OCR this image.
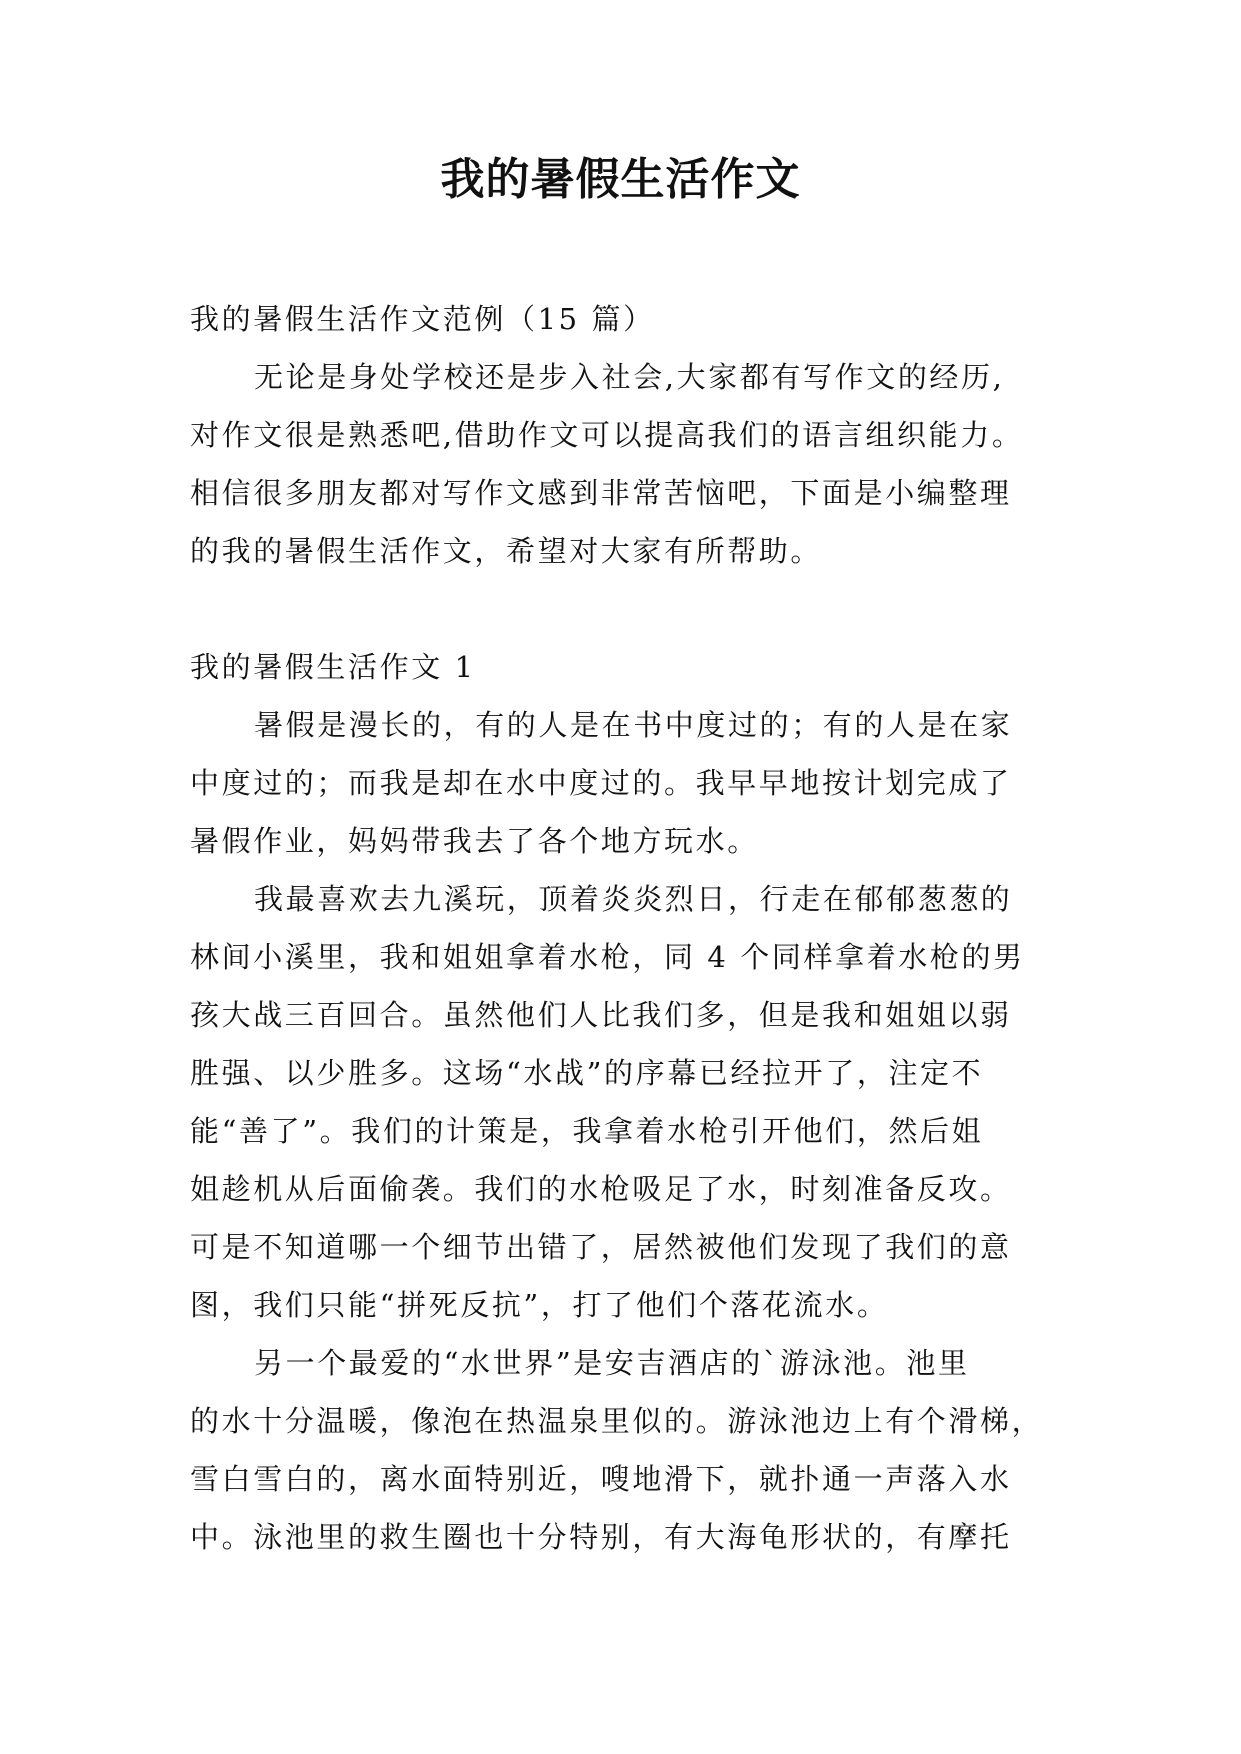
我的暑假生活作文
我的暑假生活作文范例（15 篇）
无论是身处学校还是步入社会,大家都有写作文的经历,
对作文很是熟悉吧,借助作文可以提高我们的语言组织能力。
相信很多朋友都对写作文感到非常苦恼吧，下面是小编整理
的我的暑假生活作文，希望对大家有所帮助。
我的暑假生活作文 1
暑假是漫长的，有的人是在书中度过的；有的人是在家
中度过的；而我是却在水中度过的。我早早地按计划完成了
暑假作业，妈妈带我去了各个地方玩水。
我最喜欢去九溪玩，顶着炎炎烈日，行走在郁郁葱葱的
林间小溪里，我和姐姐拿着水枪，同 4 个同样拿着水枪的男
孩大战三百回合。虽然他们人比我们多，但是我和姐姐以弱
胜强、以少胜多。这场“水战”的序幕已经拉开了，注定不
能“善了”。我们的计策是，我拿着水枪引开他们，然后姐
姐趁机从后面偷袭。我们的水枪吸足了水，时刻准备反攻。
可是不知道哪一个细节出错了，居然被他们发现了我们的意
图，我们只能“拼死反抗”，打了他们个落花流水。
另一个最爱的“水世界”是安吉酒店的`游泳池。池里
的水十分温暖，像泡在热温泉里似的。游泳池边上有个滑梯，
雪白雪白的，离水面特别近，嗖地滑下，就扑通一声落入水
中。泳池里的救生圈也十分特别，有大海龟形状的，有摩托
